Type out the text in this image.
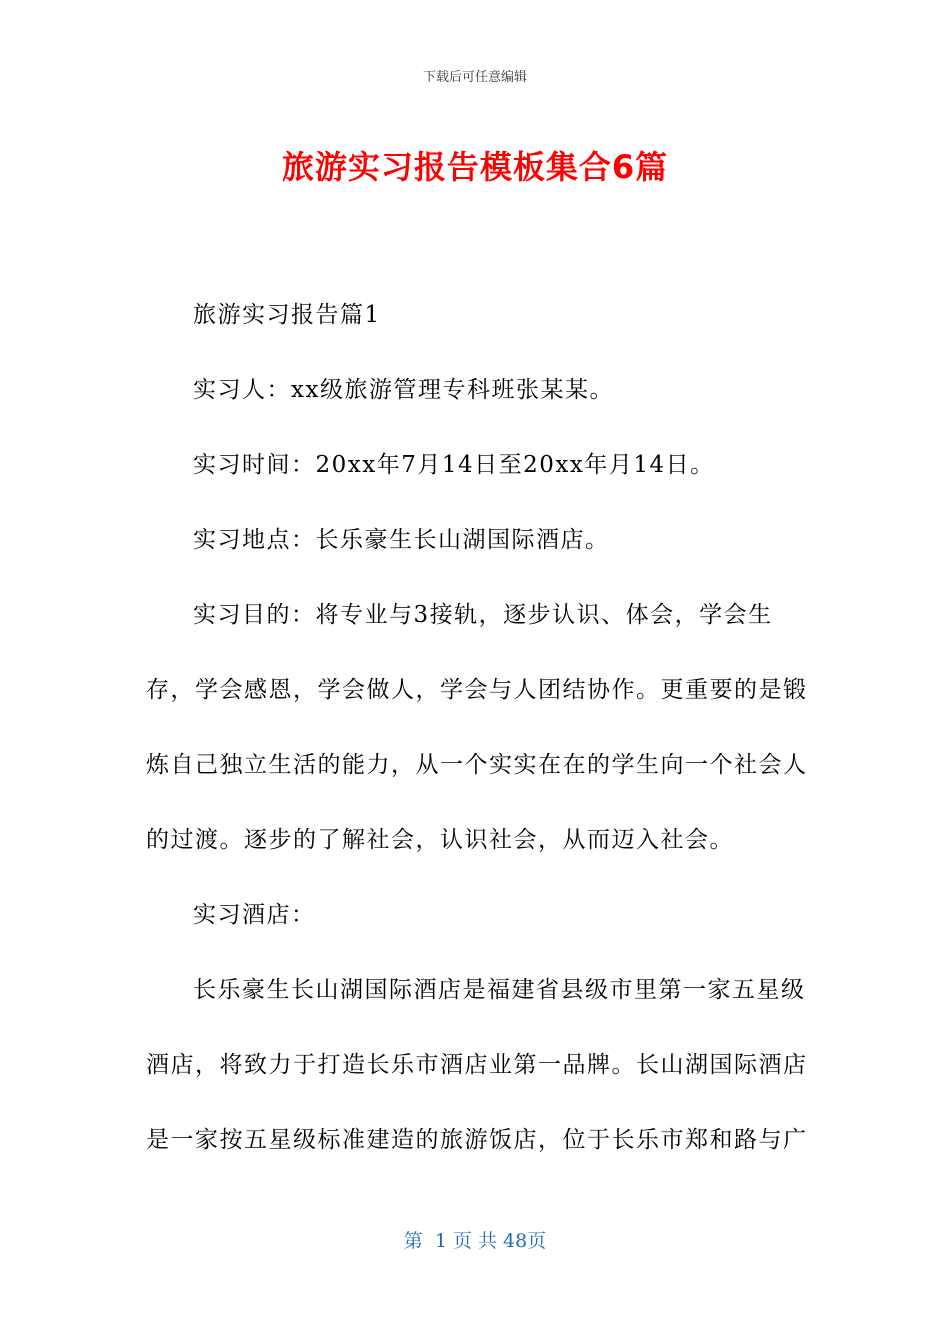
下载后可任意编辑
旅游实习报告模板集合6篇

旅游实习报告篇1

实习人：xx级旅游管理专科班张某某。

实习时间：20xx年7月14日至20xx年月14日。

实习地点：长乐豪生长山湖国际酒店。

实习目的：将专业与3接轨，逐步认识、体会，学会生存，学会感恩，学会做人，学会与人团结协作。更重要的是锻炼自己独立生活的能力，从一个实实在在的学生向一个社会人的过渡。逐步的了解社会，认识社会，从而迈入社会。

实习酒店：

长乐豪生长山湖国际酒店是福建省县级市里第一家五星级酒店，将致力于打造长乐市酒店业第一品牌。长山湖国际酒店是一家按五星级标准建造的旅游饭店，位于长乐市郑和路与广

第  1 页 共 48页
